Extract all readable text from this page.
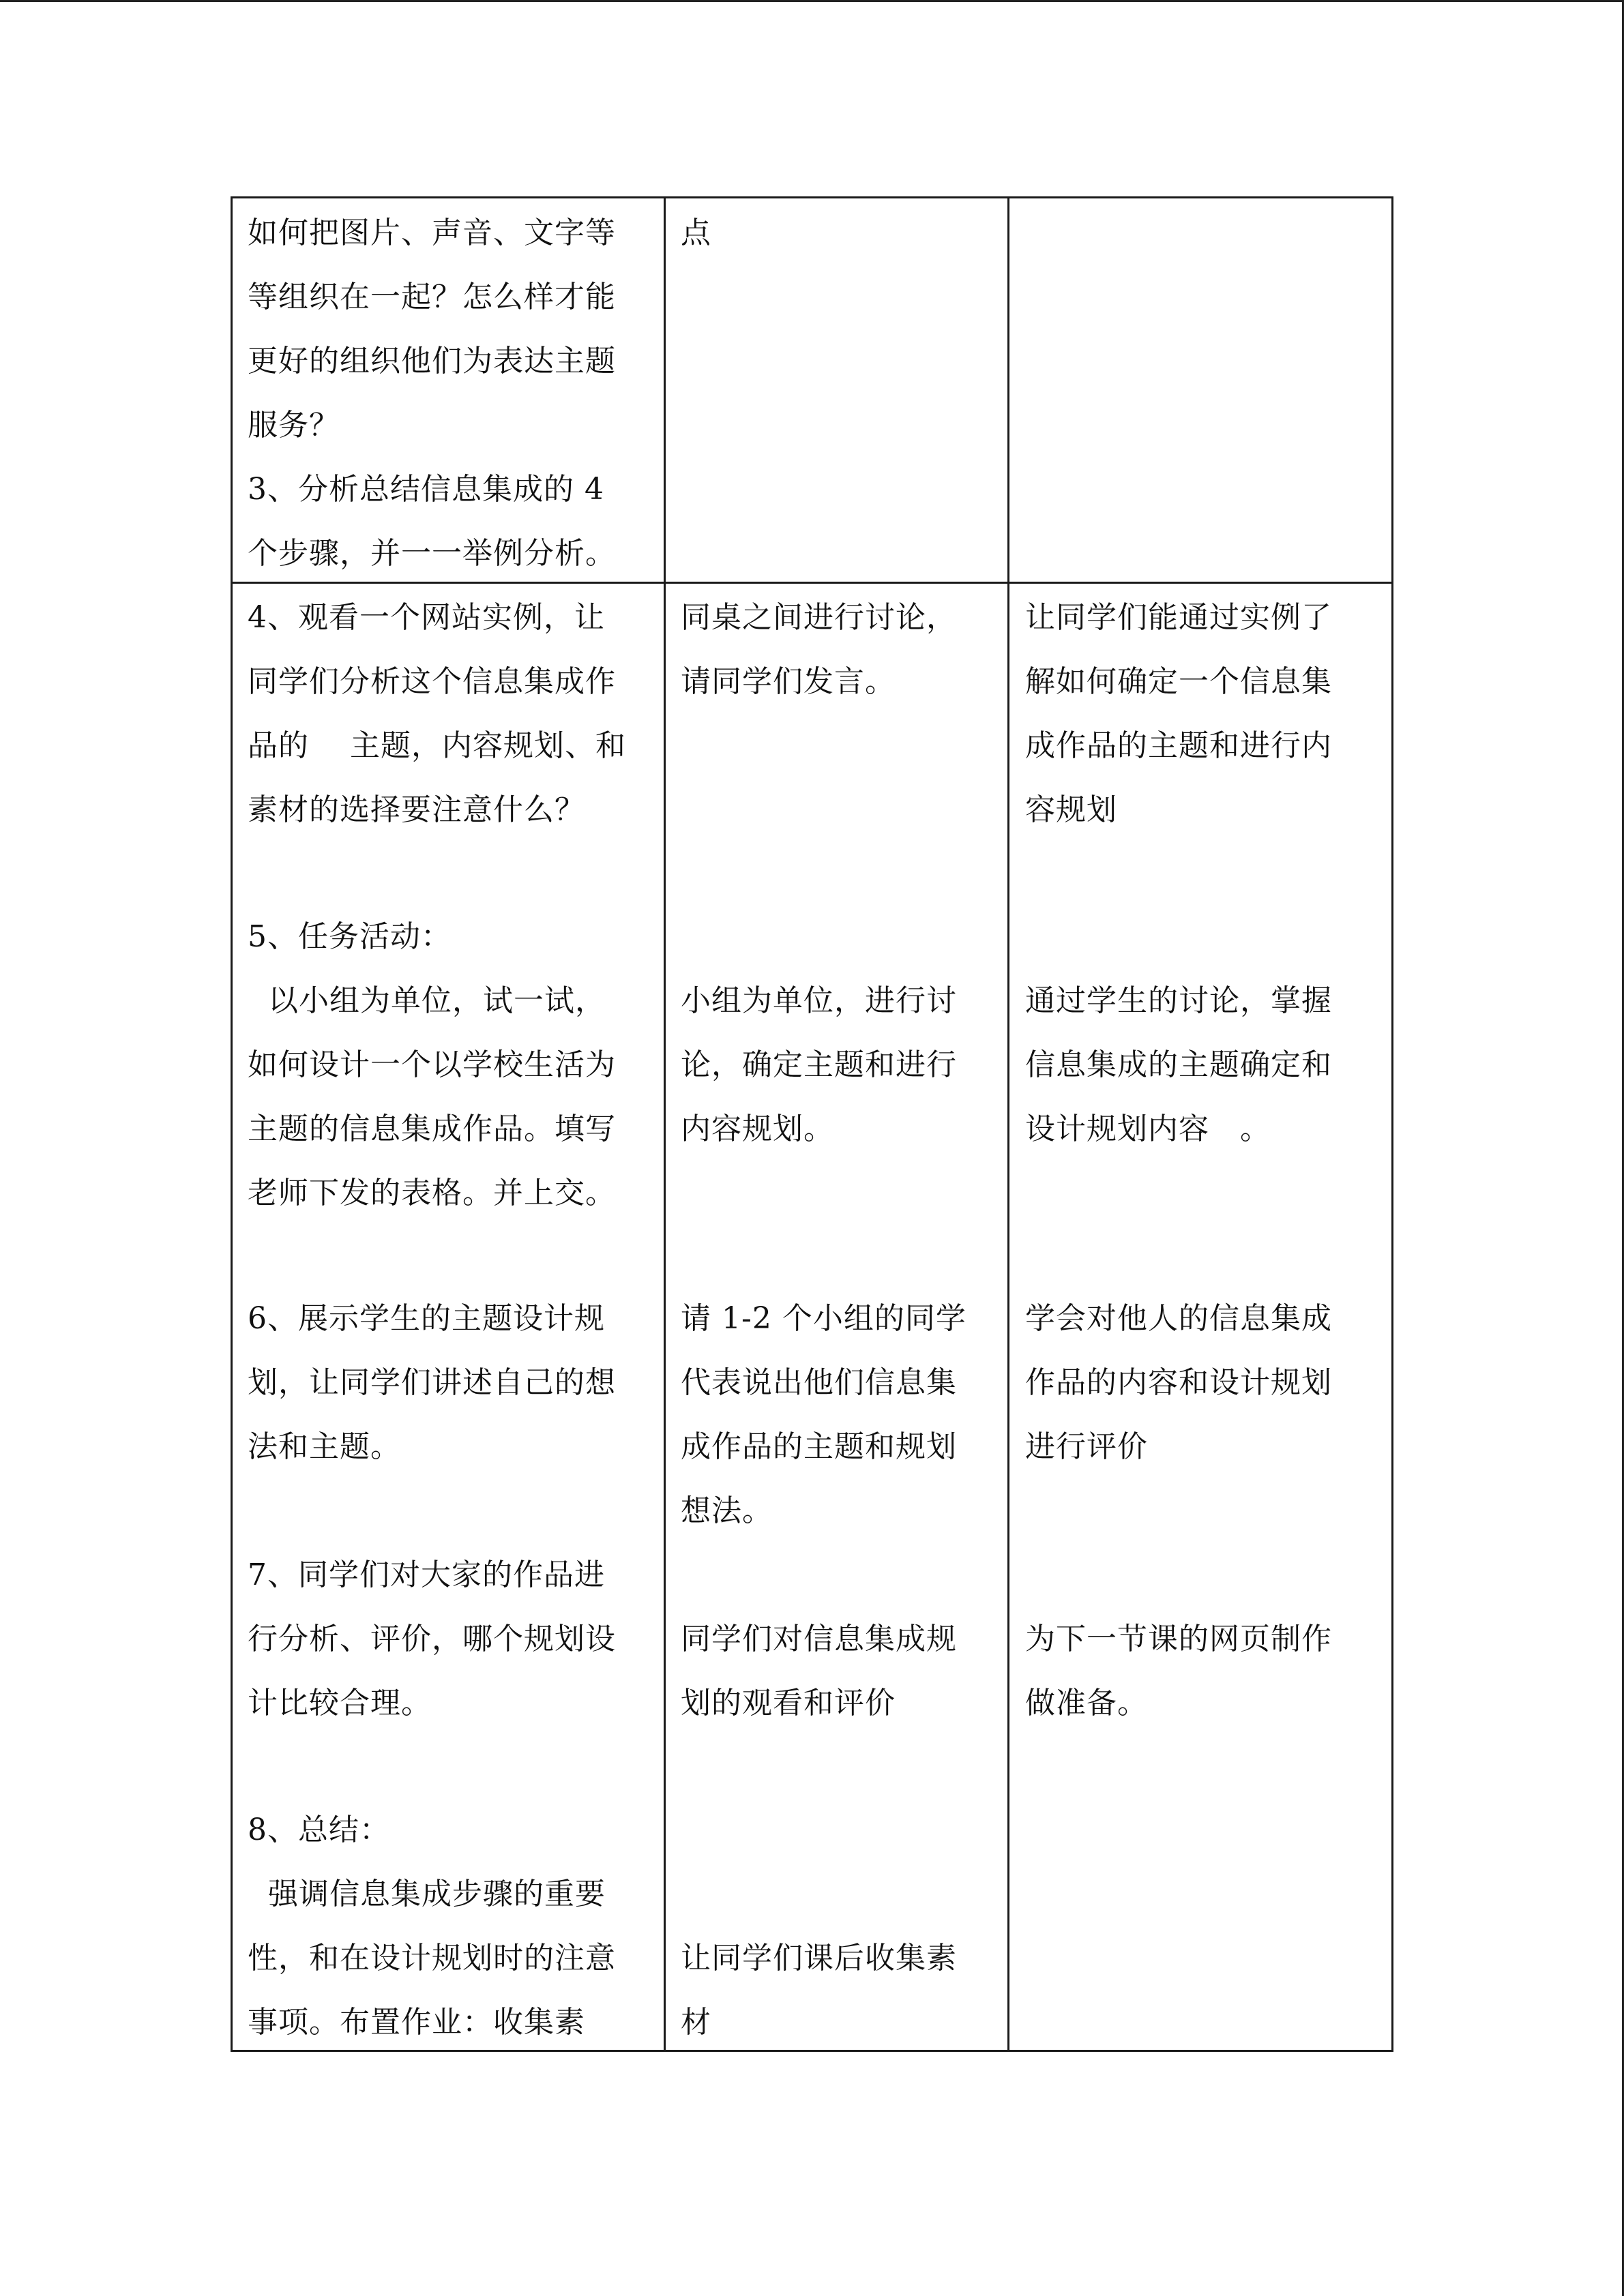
如何把图片、声音、文字等
等组织在一起？怎么样才能
更好的组织他们为表达主题
服务？
3、分析总结信息集成的 4
个步骤，并一一举例分析。
点
4、观看一个网站实例，让
同学们分析这个信息集成作
品的　 主题，内容规划、和
素材的选择要注意什么？
同桌之间进行讨论，
请同学们发言。
让同学们能通过实例了
解如何确定一个信息集
成作品的主题和进行内
容规划
5、任务活动：
以小组为单位，试一试，
如何设计一个以学校生活为
主题的信息集成作品。填写
老师下发的表格。并上交。
小组为单位，进行讨
论，确定主题和进行
内容规划。
通过学生的讨论，掌握
信息集成的主题确定和
设计规划内容　。
6、展示学生的主题设计规
划，让同学们讲述自己的想
法和主题。
请 1-2 个小组的同学
代表说出他们信息集
成作品的主题和规划
想法。
学会对他人的信息集成
作品的内容和设计规划
进行评价
7、同学们对大家的作品进
行分析、评价，哪个规划设
计比较合理。
同学们对信息集成规
划的观看和评价
为下一节课的网页制作
做准备。
8、总结：
强调信息集成步骤的重要
性，和在设计规划时的注意
事项。布置作业：收集素
让同学们课后收集素
材
